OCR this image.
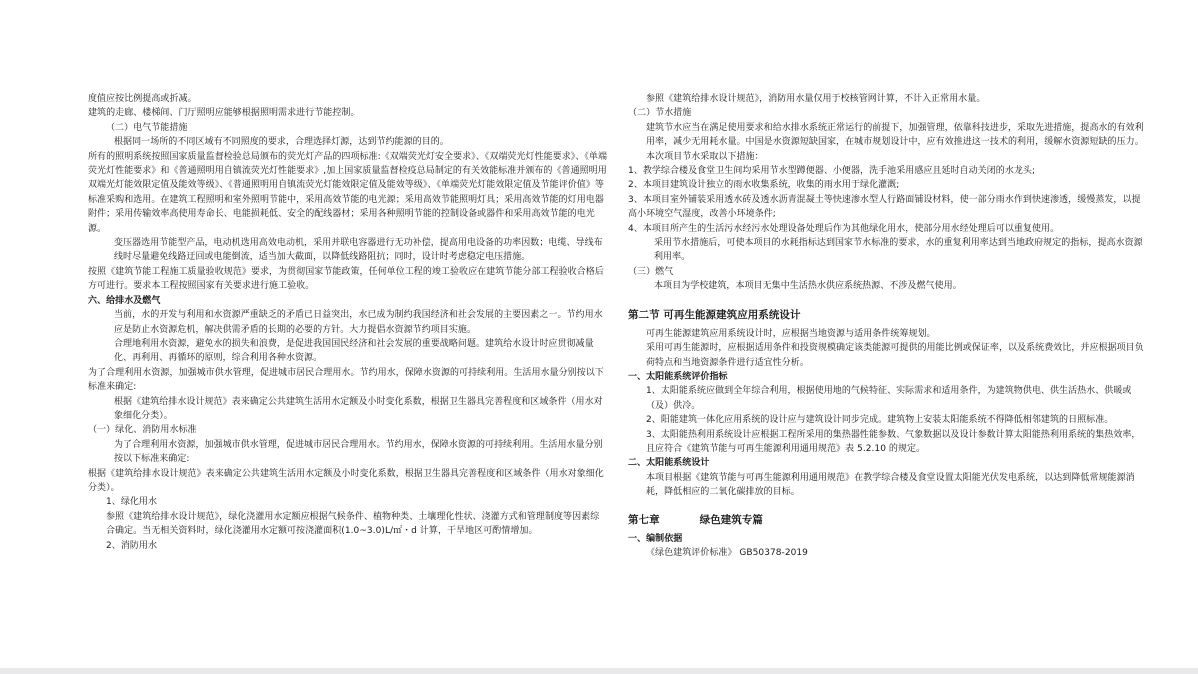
度值应按比例提高或折减。

建筑的走廊、楼梯间、门厅照明应能够根据照明需求进行节能控制。

（二）电气节能措施

根据同一场所的不同区域有不同照度的要求，合理选择灯源，达到节约能源的目的。

所有的照明系统按照国家质量监督检验总局颁布的荧光灯产品的四项标准:《双端荧光灯安全要求》、《双端荧光灯性能要求》、《单端荧光灯性能要求》和《普通照明用自镇流荧光灯性能要求》,加上国家质量监督检疫总局制定的有关效能标准并颁布的《普通照明用双端光灯能效限定值及能效等级》、《普通照明用自镇流荧光灯能效限定值及能效等级》、《单端荧光灯能效限定值及节能评价值》等标准采购和选用。在建筑工程照明和室外照明节能中，采用高效节能的电光源；采用高效节能照明灯具；采用高效节能的灯用电器附件；采用传输效率高使用寿命长、电能损耗低、安全的配线器材；采用各种照明节能的控制设备或器件和采用高效节能的电光源。

变压器选用节能型产品，电动机选用高效电动机，采用并联电容器进行无功补偿，提高用电设备的功率因数；电缆、导线布线时尽量避免线路迂回或电能倒流，适当加大截面，以降低线路阻抗；同时，设计时考虑稳定电压措施。

按照《建筑节能工程施工质量验收规范》要求，为贯彻国家节能政策，任何单位工程的竣工验收应在建筑节能分部工程验收合格后方可进行。要求本工程按照国家有关要求进行施工验收。

六、给排水及燃气

当前，水的开发与利用和水资源严重缺乏的矛盾已日益突出，水已成为制约我国经济和社会发展的主要因素之一。节约用水应是防止水资源危机，解决供需矛盾的长期的必要的方针。大力提倡水资源节约项目实施。

合理地利用水资源，避免水的损失和浪费，是促进我国国民经济和社会发展的重要战略问题。建筑给水设计时应贯彻减量化、再利用、再循环的原则，综合利用各种水资源。

为了合理利用水资源，加强城市供水管理，促进城市居民合理用水。节约用水，保障水资源的可持续利用。生活用水量分别按以下标准来确定:

根据《建筑给排水设计规范》表来确定公共建筑生活用水定额及小时变化系数，根据卫生器具完善程度和区域条件（用水对象细化分类）。

（一）绿化、消防用水标准

为了合理利用水资源，加强城市供水管理，促进城市居民合理用水。节约用水，保障水资源的可持续利用。生活用水量分别按以下标准来确定:

根据《建筑给排水设计规范》表来确定公共建筑生活用水定额及小时变化系数，根据卫生器具完善程度和区域条件（用水对象细化分类）。

1、绿化用水

参照《建筑给排水设计规范》，绿化浇灌用水定额应根据气候条件、植物种类、土壤理化性状、浇灌方式和管理制度等因素综合确定。当无相关资料时，绿化浇灌用水定额可按浇灌面积(1.0~3.0)L/㎡・d 计算，干旱地区可酌情增加。

2、消防用水

参照《建筑给排水设计规范》，消防用水量仅用于校核管网计算，不计入正常用水量。

（二）节水措施

建筑节水应当在满足使用要求和给水排水系统正常运行的前提下，加强管理，依靠科技进步，采取先进措施，提高水的有效利用率，减少无用耗水量。中国是水资源短缺国家，在城市规划设计中，应有效推进这一技术的利用，缓解水资源短缺的压力。本次项目节水采取以下措施：

1、教学综合楼及食堂卫生间均采用节水型蹲便器、小便器，洗手池采用感应且延时自动关闭的水龙头;

2、本项目建筑设计独立的雨水收集系统，收集的雨水用于绿化灌溉;

3、本项目室外铺装采用透水砖及透水沥青混凝土等快速渗水型人行路面铺设材料，使一部分雨水作到快速渗透，缓慢蒸发，以提高小环境空气湿度，改善小环境条件;

4、本项目所产生的生活污水经污水处理设备处理后作为其他绿化用水，使部分用水经处理后可以重复使用。

采用节水措施后，可使本项目的水耗指标达到国家节水标准的要求，水的重复利用率达到当地政府规定的指标，提高水资源利用率。

（三）燃气

本项目为学校建筑，本项目无集中生活热水供应系统热源、不涉及燃气使用。

第二节 可再生能源建筑应用系统设计

可再生能源建筑应用系统设计时，应根据当地资源与适用条件统筹规划。

采用可再生能源时，应根据适用条件和投资规模确定该类能源可提供的用能比例或保证率，以及系统费效比，并应根据项目负荷特点和当地资源条件进行适宜性分析。

一、太阳能系统评价指标

1、太阳能系统应做到全年综合利用，根据使用地的气候特征、实际需求和适用条件，为建筑物供电、供生活热水、供暖或（及）供冷。

2、阳能建筑一体化应用系统的设计应与建筑设计同步完成。建筑物上安装太阳能系统不得降低相邻建筑的日照标准。

3、太阳能热利用系统设计应根据工程所采用的集热器性能参数、气象数据以及设计参数计算太阳能热利用系统的集热效率，且应符合《建筑节能与可再生能源利用通用规范》表 5.2.10 的规定。

二、太阳能系统设计

本项目根据《建筑节能与可再生能源利用通用规范》在教学综合楼及食堂设置太阳能光伏发电系统，以达到降低常规能源消耗，降低相应的二氧化碳排放的目标。

第七章	绿色建筑专篇

一、编制依据

《绿色建筑评价标准》 GB50378-2019
